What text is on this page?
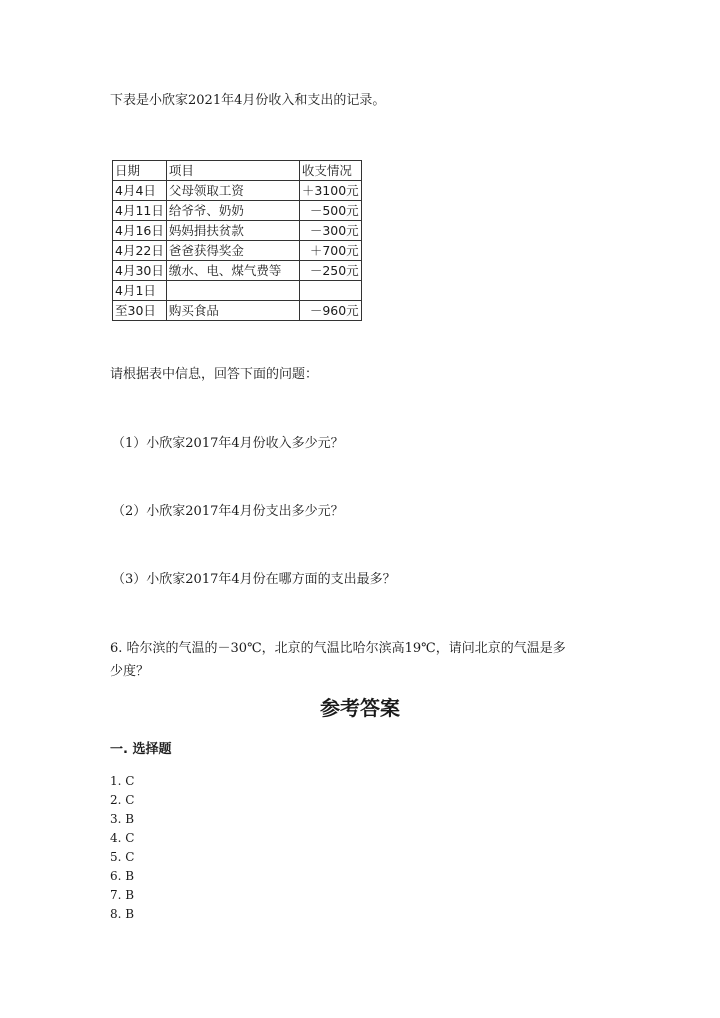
下表是小欣家2021年4月份收入和支出的记录。
日期	项目	收支情况
4月4日	父母领取工资	＋3100元
4月11日	给爷爷、奶奶	－500元
4月16日	妈妈捐扶贫款	－300元
4月22日	爸爸获得奖金	＋700元
4月30日	缴水、电、煤气费等	－250元
4月1日		
至30日	购买食品	－960元
请根据表中信息，回答下面的问题：
（1）小欣家2017年4月份收入多少元？
（2）小欣家2017年4月份支出多少元？
（3）小欣家2017年4月份在哪方面的支出最多？
6. 哈尔滨的气温的－30℃，北京的气温比哈尔滨高19℃，请问北京的气温是多
少度？
参考答案
一. 选择题
1. C
2. C
3. B
4. C
5. C
6. B
7. B
8. B
